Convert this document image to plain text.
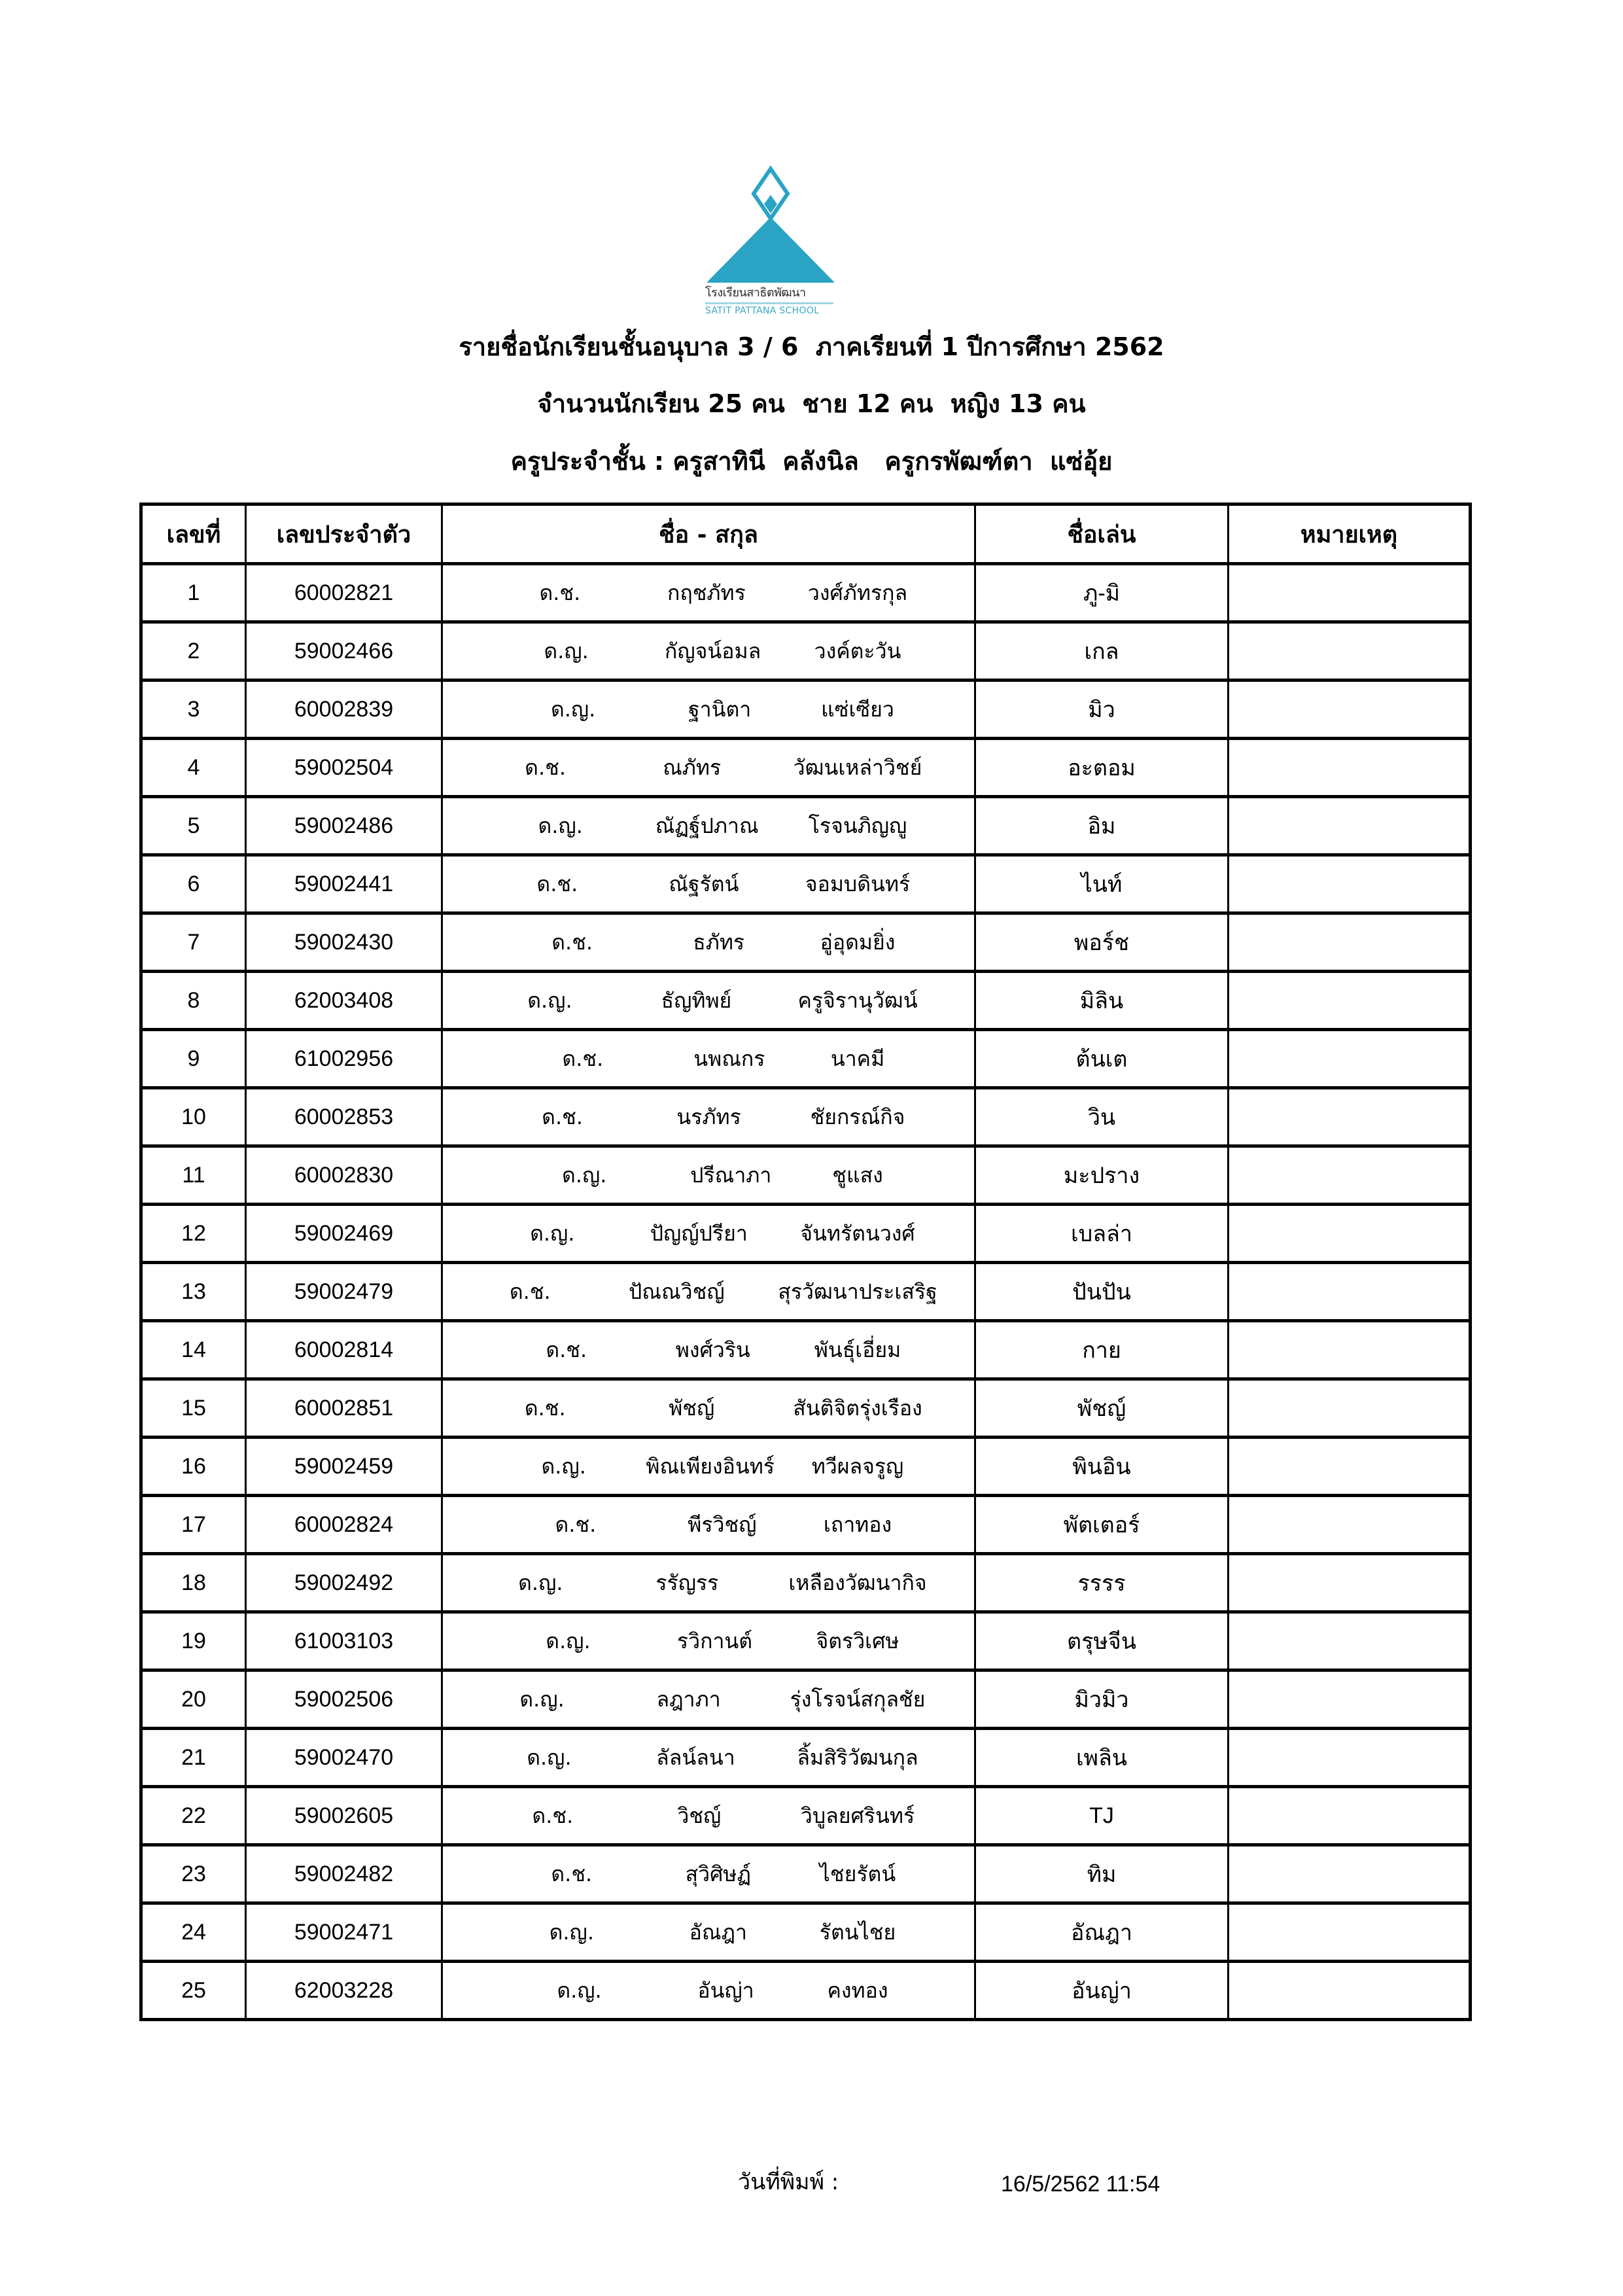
โรงเรียนสาธิตพัฒนา
SATIT PATTANA SCHOOL
รายชื่อนักเรียนชั้นอนุบาล 3 / 6  ภาคเรียนที่ 1 ปีการศึกษา 2562
จำนวนนักเรียน 25 คน  ชาย 12 คน  หญิง 13 คน
ครูประจำชั้น : ครูสาทินี  คลังนิล   ครูกรพัฒฑ์ตา  แซ่อุ้ย
เลขที่	เลขประจำตัว	ชื่อ - สกุล	ชื่อเล่น	หมายเหตุ
1	60002821	ด.ช. กฤชภัทร วงศ์ภัทรกุล	ภู-มิ	
2	59002466	ด.ญ. กัญจน์อมล วงค์ตะวัน	เกล	
3	60002839	ด.ญ. ฐานิตา แซ่เซียว	มิว	
4	59002504	ด.ช. ณภัทร วัฒนเหล่าวิชย์	อะตอม	
5	59002486	ด.ญ. ณัฏฐ์ปภาณ โรจนภิญญู	อิม	
6	59002441	ด.ช. ณัฐรัตน์ จอมบดินทร์	ไนท์	
7	59002430	ด.ช. ธภัทร อู่อุดมยิ่ง	พอร์ช	
8	62003408	ด.ญ. ธัญทิพย์ ครูจิรานุวัฒน์	มิลิน	
9	61002956	ด.ช. นพณกร นาคมี	ต้นเต	
10	60002853	ด.ช. นรภัทร ชัยกรณ์กิจ	วิน	
11	60002830	ด.ญ. ปรีณาภา ชูแสง	มะปราง	
12	59002469	ด.ญ. ปัญญ์ปรียา จันทรัตนวงศ์	เบลล่า	
13	59002479	ด.ช. ปัณณวิชญ์ สุรวัฒนาประเสริฐ	ปันปัน	
14	60002814	ด.ช. พงศ์วริน พันธุ์เอี่ยม	กาย	
15	60002851	ด.ช. พัชญ์ สันติจิตรุ่งเรือง	พัชญ์	
16	59002459	ด.ญ. พิณเพียงอินทร์ ทวีผลจรูญ	พินอิน	
17	60002824	ด.ช. พีรวิชญ์ เถาทอง	พัตเตอร์	
18	59002492	ด.ญ. รรัญรร เหลืองวัฒนากิจ	รรรร	
19	61003103	ด.ญ. รวิกานต์ จิตรวิเศษ	ตรุษจีน	
20	59002506	ด.ญ. ลฎาภา รุ่งโรจน์สกุลชัย	มิวมิว	
21	59002470	ด.ญ. ลัลน์ลนา ลิ้มสิริวัฒนกุล	เพลิน	
22	59002605	ด.ช. วิชญ์ วิบูลยศรินทร์	TJ	
23	59002482	ด.ช. สุวิศิษฏ์ ไชยรัตน์	ทิม	
24	59002471	ด.ญ. อัณฎา รัตนไชย	อัณฎา	
25	62003228	ด.ญ. อันญ่า คงทอง	อันญ่า	
วันที่พิมพ์ :	16/5/2562 11:54
